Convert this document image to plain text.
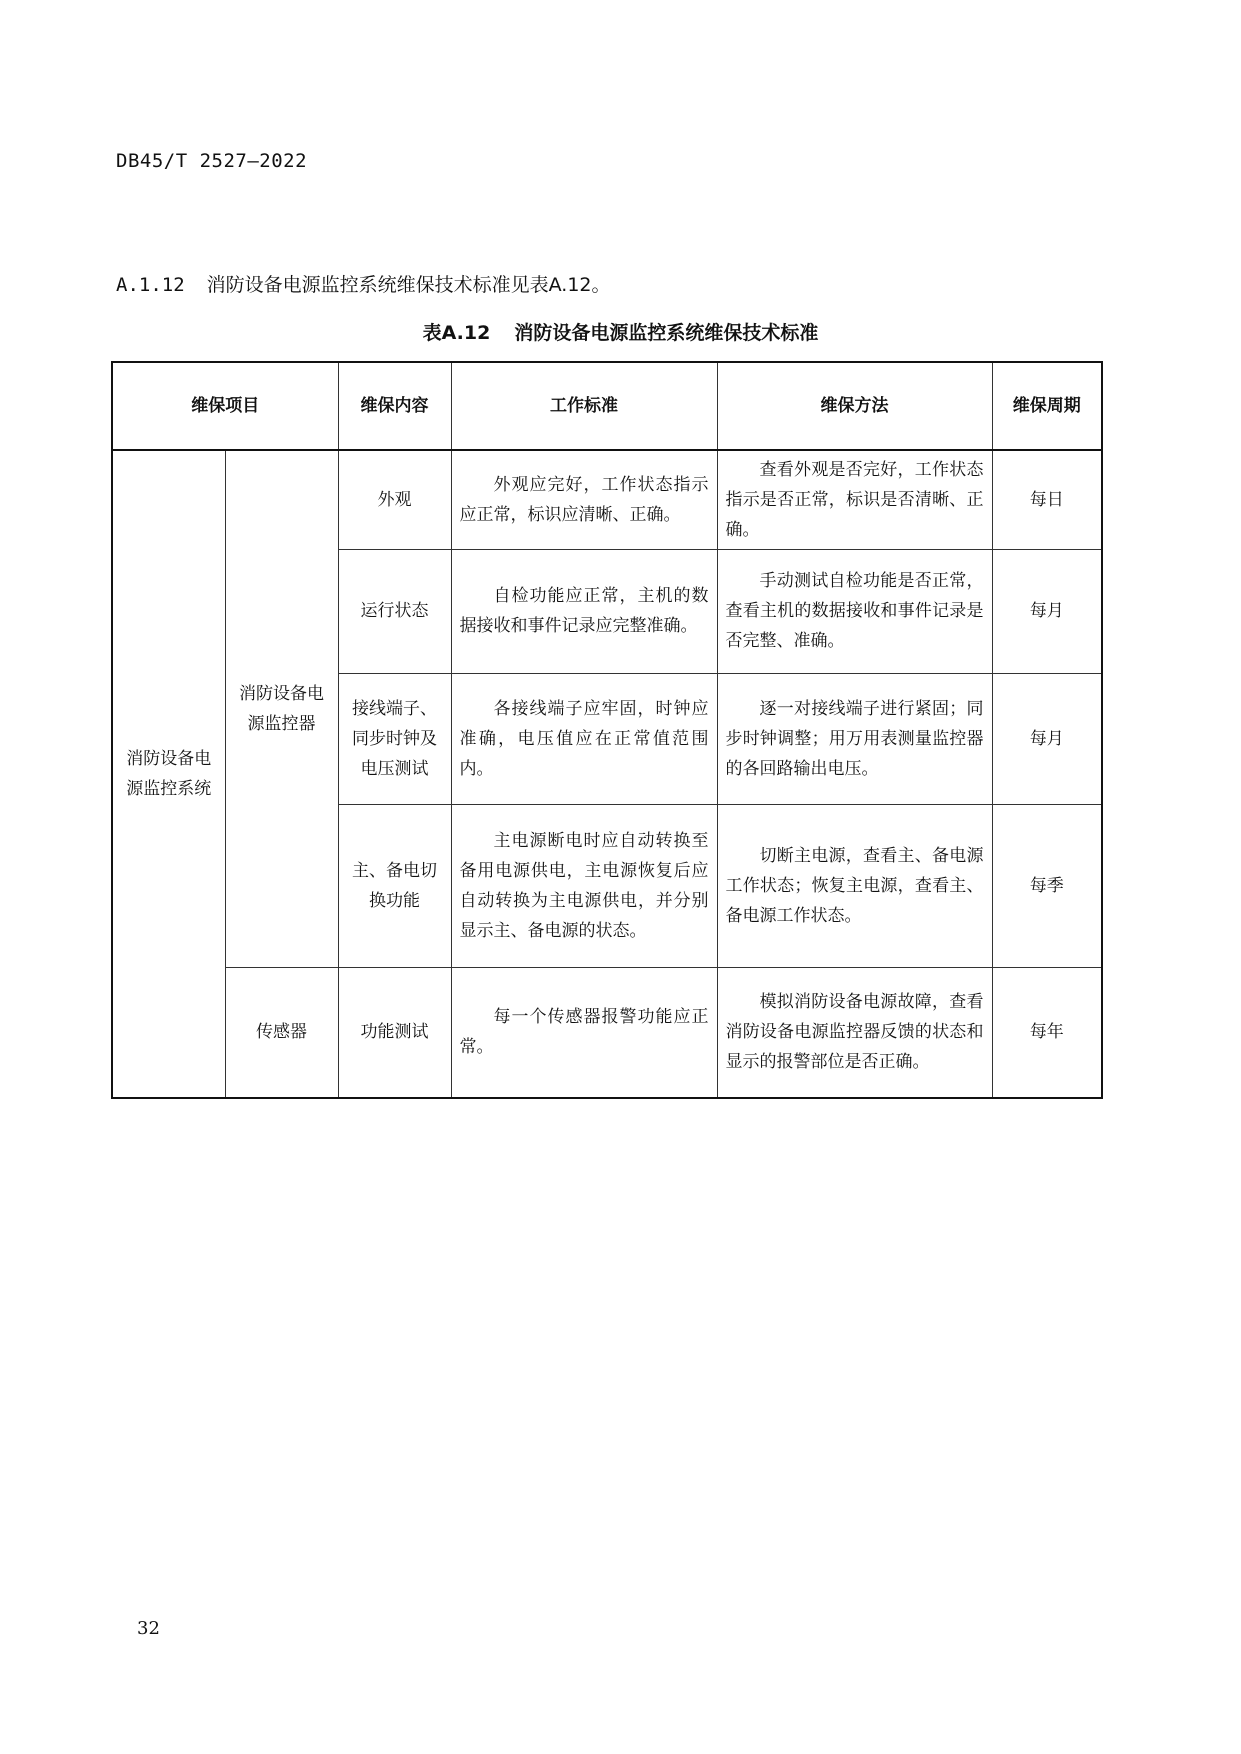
DB45/T 2527—2022
A.1.12 消防设备电源监控系统维保技术标准见表A.12。
表A.12 消防设备电源监控系统维保技术标准
维保项目		维保内容	工作标准	维保方法	维保周期
消防设备电源监控系统	消防设备电源监控器	外观	外观应完好，工作状态指示应正常，标识应清晰、正确。	查看外观是否完好，工作状态指示是否正常，标识是否清晰、正确。	每日
		运行状态	自检功能应正常，主机的数据接收和事件记录应完整准确。	手动测试自检功能是否正常，查看主机的数据接收和事件记录是否完整、准确。	每月
		接线端子、同步时钟及电压测试	各接线端子应牢固，时钟应准确，电压值应在正常值范围内。	逐一对接线端子进行紧固；同步时钟调整；用万用表测量监控器的各回路输出电压。	每月
		主、备电切换功能	主电源断电时应自动转换至备用电源供电，主电源恢复后应自动转换为主电源供电，并分别显示主、备电源的状态。	切断主电源，查看主、备电源工作状态；恢复主电源，查看主、备电源工作状态。	每季
	传感器	功能测试	每一个传感器报警功能应正常。	模拟消防设备电源故障，查看消防设备电源监控器反馈的状态和显示的报警部位是否正确。	每年
32
